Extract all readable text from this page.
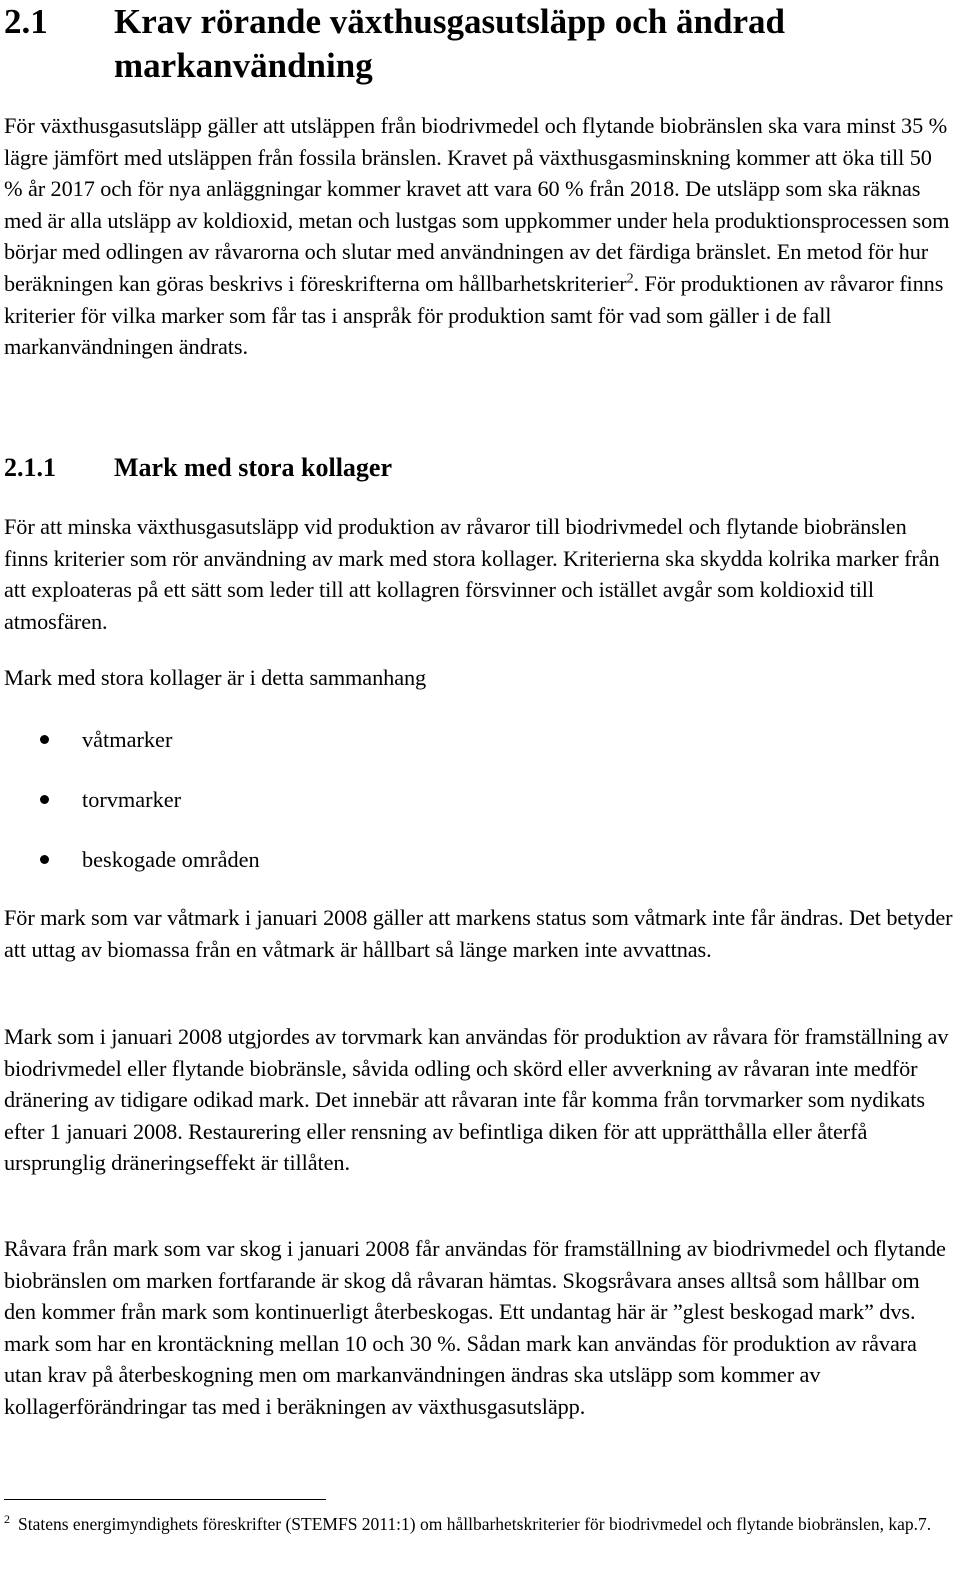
2.1	Krav rörande växthusgasutsläpp och ändrad markanvändning

För växthusgasutsläpp gäller att utsläppen från biodrivmedel och flytande biobränslen ska vara minst 35 % lägre jämfört med utsläppen från fossila bränslen. Kravet på växthusgasminskning kommer att öka till 50 % år 2017 och för nya anläggningar kommer kravet att vara 60 % från 2018. De utsläpp som ska räknas med är alla utsläpp av koldioxid, metan och lustgas som uppkommer under hela produktionsprocessen som börjar med odlingen av råvarorna och slutar med användningen av det färdiga bränslet. En metod för hur beräkningen kan göras beskrivs i föreskrifterna om hållbarhetskriterier$^2$. För produktionen av råvaror finns kriterier för vilka marker som får tas i anspråk för produktion samt för vad som gäller i de fall markanvändningen ändrats.

2.1.1	Mark med stora kollager

För att minska växthusgasutsläpp vid produktion av råvaror till biodrivmedel och flytande biobränslen finns kriterier som rör användning av mark med stora kollager. Kriterierna ska skydda kolrika marker från att exploateras på ett sätt som leder till att kollagren försvinner och istället avgår som koldioxid till atmosfären.

Mark med stora kollager är i detta sammanhang

våtmarker
torvmarker
beskogade områden

För mark som var våtmark i januari 2008 gäller att markens status som våtmark inte får ändras. Det betyder att uttag av biomassa från en våtmark är hållbart så länge marken inte avvattnas.

Mark som i januari 2008 utgjordes av torvmark kan användas för produktion av råvara för framställning av biodrivmedel eller flytande biobränsle, såvida odling och skörd eller avverkning av råvaran inte medför dränering av tidigare odikad mark. Det innebär att råvaran inte får komma från torvmarker som nydikats efter 1 januari 2008. Restaurering eller rensning av befintliga diken för att upprätthålla eller återfå ursprunglig dräneringseffekt är tillåten.

Råvara från mark som var skog i januari 2008 får användas för framställning av biodrivmedel och flytande biobränslen om marken fortfarande är skog då råvaran hämtas. Skogsråvara anses alltså som hållbar om den kommer från mark som kontinuerligt återbeskogas. Ett undantag här är ”glest beskogad mark” dvs. mark som har en krontäckning mellan 10 och 30 %. Sådan mark kan användas för produktion av råvara utan krav på återbeskogning men om markanvändningen ändras ska utsläpp som kommer av kollagerförändringar tas med i beräkningen av växthusgasutsläpp.

$^2$ Statens energimyndighets föreskrifter (STEMFS 2011:1) om hållbarhetskriterier för biodrivmedel och flytande biobränslen, kap.7.
